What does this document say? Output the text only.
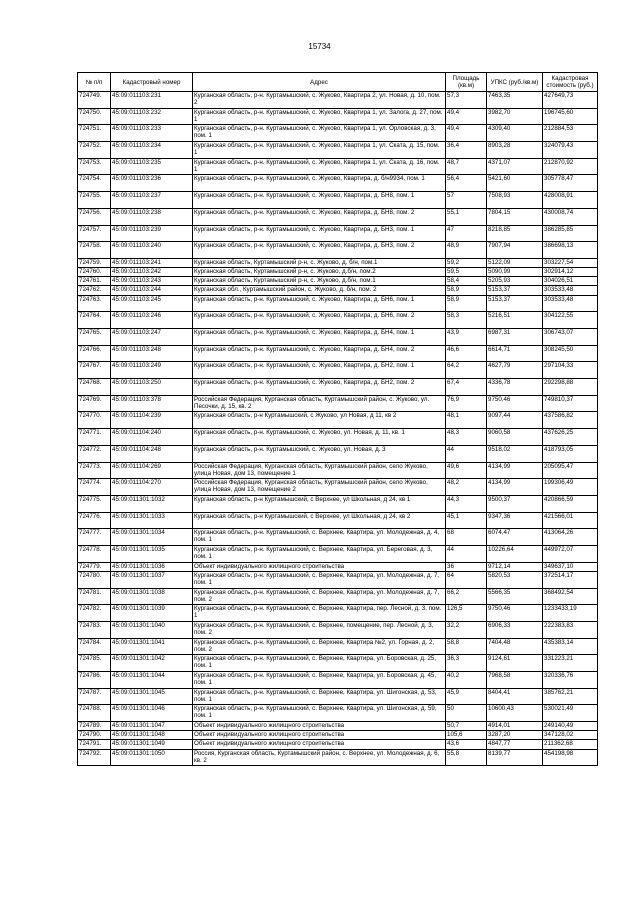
15734
№ п/п	Кадастровый номер	Адрес	Площадь (кв.м)	УПКС (руб./кв.м)	Кадастровая стоимость (руб.)
724749.	45:09:011103:231	Курганская область, р-н. Куртамышский, с. Жуково, Квартира 2, ул. Новая, д. 10, пом. 2	57,3	7463,35	427649,73
724750.	45:09:011103:232	Курганская область, р-н. Куртамышский, с. Жуково, Квартира 1, ул. Залога, д. 27, пом. 1	49,4	3982,70	196745,60
724751.	45:09:011103:233	Курганская область, р-н. Куртамышский, с. Жуково, Квартира 1, ул. Орловская, д. 3, пом. 1	49,4	4309,40	212884,53
724752.	45:09:011103:234	Курганская область, р-н. Куртамышский, с. Жуково, Квартира 1, ул. Ската, д. 15, пом. 1	36,4	8903,28	324079,43
724753.	45:09:011103:235	Курганская область, р-н. Куртамышский, с. Жуково, Квартира 1, ул. Ската, д. 16, пом. 1	48,7	4371,07	212870,92
724754.	45:09:011103:236	Курганская область, р-н. Куртамышский, с. Жуково, Квартира, д. б/н9934, пом. 1	56,4	5421,60	305778,47
724755.	45:09:011103:237	Курганская область, р-н. Куртамышский, с. Жуково, Квартира, д. БН8, пом. 1	57	7508,93	428008,91
724756.	45:09:011103:238	Курганская область, р-н. Куртамышский, с. Жуково, Квартира, д. БН8, пом. 2	55,1	7804,15	430008,74
724757.	45:09:011103:239	Курганская область, р-н. Куртамышский, с. Жуково, Квартира, д. БН3, пом. 1	47	8218,85	386285,85
724758.	45:09:011103:240	Курганская область, р-н. Куртамышский, с. Жуково, Квартира, д. БН3, пом. 2	48,9	7907,94	386698,13
724759.	45:09:011103:241	Курганская область, Куртамышский р-н, с. Жуково, д. б/н, пом.1	59,2	5122,09	303227,54
724760.	45:09:011103:242	Курганская область, Куртамышский р-н, с. Жуково, д.б/н, пом.2	59,5	5090,99	302914,12
724761.	45:09:011103:243	Курганская область, Куртамышский р-н, с. Жуково, д.б/н, пом.1	58,4	5205,93	304026,51
724762.	45:09:011103:244	Курганская обл., Куртамышский район, с. Жуково, д. б/н, пом. 2	58,9	5153,37	303533,48
724763.	45:09:011103:245	Курганская область, р-н. Куртамышский, с. Жуково, Квартира, д. БН6, пом. 1	58,9	5153,37	303533,48
724764.	45:09:011103:246	Курганская область, р-н. Куртамышский, с. Жуково, Квартира, д. БН6, пом. 2	58,3	5216,51	304122,55
724765.	45:09:011103:247	Курганская область, р-н. Куртамышский, с. Жуково, Квартира, д. БН4, пом. 1	43,9	6987,31	306743,07
724766.	45:09:011103:248	Курганская область, р-н. Куртамышский, с. Жуково, Квартира, д. БН4, пом. 2	46,6	6614,71	308245,50
724767.	45:09:011103:249	Курганская область, р-н. Куртамышский, с. Жуково, Квартира, д. БН2, пом. 1	64,2	4627,79	297104,33
724768.	45:09:011103:250	Курганская область, р-н. Куртамышский, с. Жуково, Квартира, д. БН2, пом. 2	67,4	4336,78	292298,88
724769.	45:09:011103:378	Российская Федерация, Курганская область, Куртамышский район, с. Жуково, ул. Песочки, д. 15, кв. 2	76,9	9750,46	749810,37
724770.	45:09:011104:239	Курганская область, р-н Куртамышский, с Жуково, ул Новая, д 11, кв 2	48,1	9097,44	437586,82
724771.	45:09:011104:240	Курганская область, р-н. Куртамышский, с. Жуково, ул. Новая, д. 11, кв. 1	48,3	9060,58	437626,25
724772.	45:09:011104:248	Курганская область, р-н. Куртамышский, с. Жуково, ул. Новая, д. 3	44	9518,02	418793,05
724773.	45:09:011104:269	Российская Федерация, Курганская область, Куртамышский район, село Жуково, улица Новая, дом 13, помещение 1	49,6	4134,99	205095,47
724774.	45:09:011104:270	Российская Федерация, Курганская область, Куртамышский район, село Жуково, улица Новая, дом 13, помещение 2	48,2	4134,99	199306,49
724775.	45:09:011301:1032	Курганская область, р-н Куртамышский, с Верхнее, ул Школьная, д 24, кв 1	44,3	9500,37	420866,59
724776.	45:09:011301:1033	Курганская область, р-н Куртамышский, с Верхнее, ул Школьная, д 24, кв 2	45,1	9347,36	421566,01
724777.	45:09:011301:1034	Курганская область, р-н. Куртамышский, с. Верхнее, Квартира, ул. Молодежная, д. 4, пом. 1	68	6074,47	413064,26
724778.	45:09:011301:1035	Курганская область, р-н. Куртамышский, с. Верхнее, Квартира, ул. Береговая, д. 3, пом. 1	44	10226,64	449972,07
724779.	45:09:011301:1036	Объект индивидуального жилищного строительства	36	9712,14	349637,10
724780.	45:09:011301:1037	Курганская область, р-н. Куртамышский, с. Верхнее, Квартира, ул. Молодежная, д. 7, пом. 1	64	5820,53	372514,17
724781.	45:09:011301:1038	Курганская область, р-н. Куртамышский, с. Верхнее, Квартира, ул. Молодежная, д. 7, пом. 2	66,2	5566,35	368492,54
724782.	45:09:011301:1039	Курганская область, р-н. Куртамышский, с. Верхнее, Квартира, пер. Лесной, д. 3, пом. 1	126,5	9750,46	1233433,19
724783.	45:09:011301:1040	Курганская область, р-н. Куртамышский, с. Верхнее, помещение, пер. Лесной, д. 3, пом. 2	32,2	6906,33	222383,83
724784.	45:09:011301:1041	Курганская область, р-н. Куртамышский, с. Верхнее, Квартира №2, ул. Горная, д. 2, пом. 2	58,8	7404,48	435383,14
724785.	45:09:011301:1042	Курганская область, р-н. Куртамышский, с. Верхнее, Квартира, ул. Боровская, д. 25, пом. 1	36,3	9124,61	331223,21
724786.	45:09:011301:1044	Курганская область, р-н. Куртамышский, с. Верхнее, Квартира, ул. Боровская, д. 45, пом. 1	40,2	7968,58	320336,76
724787.	45:09:011301:1045	Курганская область, р-н. Куртамышский, с. Верхнее, Квартира, ул. Шигонская, д. 53, пом. 1	45,9	8404,41	385762,21
724788.	45:09:011301:1046	Курганская область, р-н. Куртамышский, с. Верхнее, Квартира, ул. Шигонская, д. 59, пом. 1	50	10600,43	530021,49
724789.	45:09:011301:1047	Объект индивидуального жилищного строительства	50,7	4914,01	249140,49
724790.	45:09:011301:1048	Объект индивидуального жилищного строительства	105,6	3287,20	347128,02
724791.	45:09:011301:1049	Объект индивидуального жилищного строительства	43,6	4847,77	211362,68
724792.	45:09:011301:1050	Россия, Курганская область, Куртамышский район, с. Верхнее, ул. Молодежная, д. 6, кв. 2	55,8	8139,77	454198,98
